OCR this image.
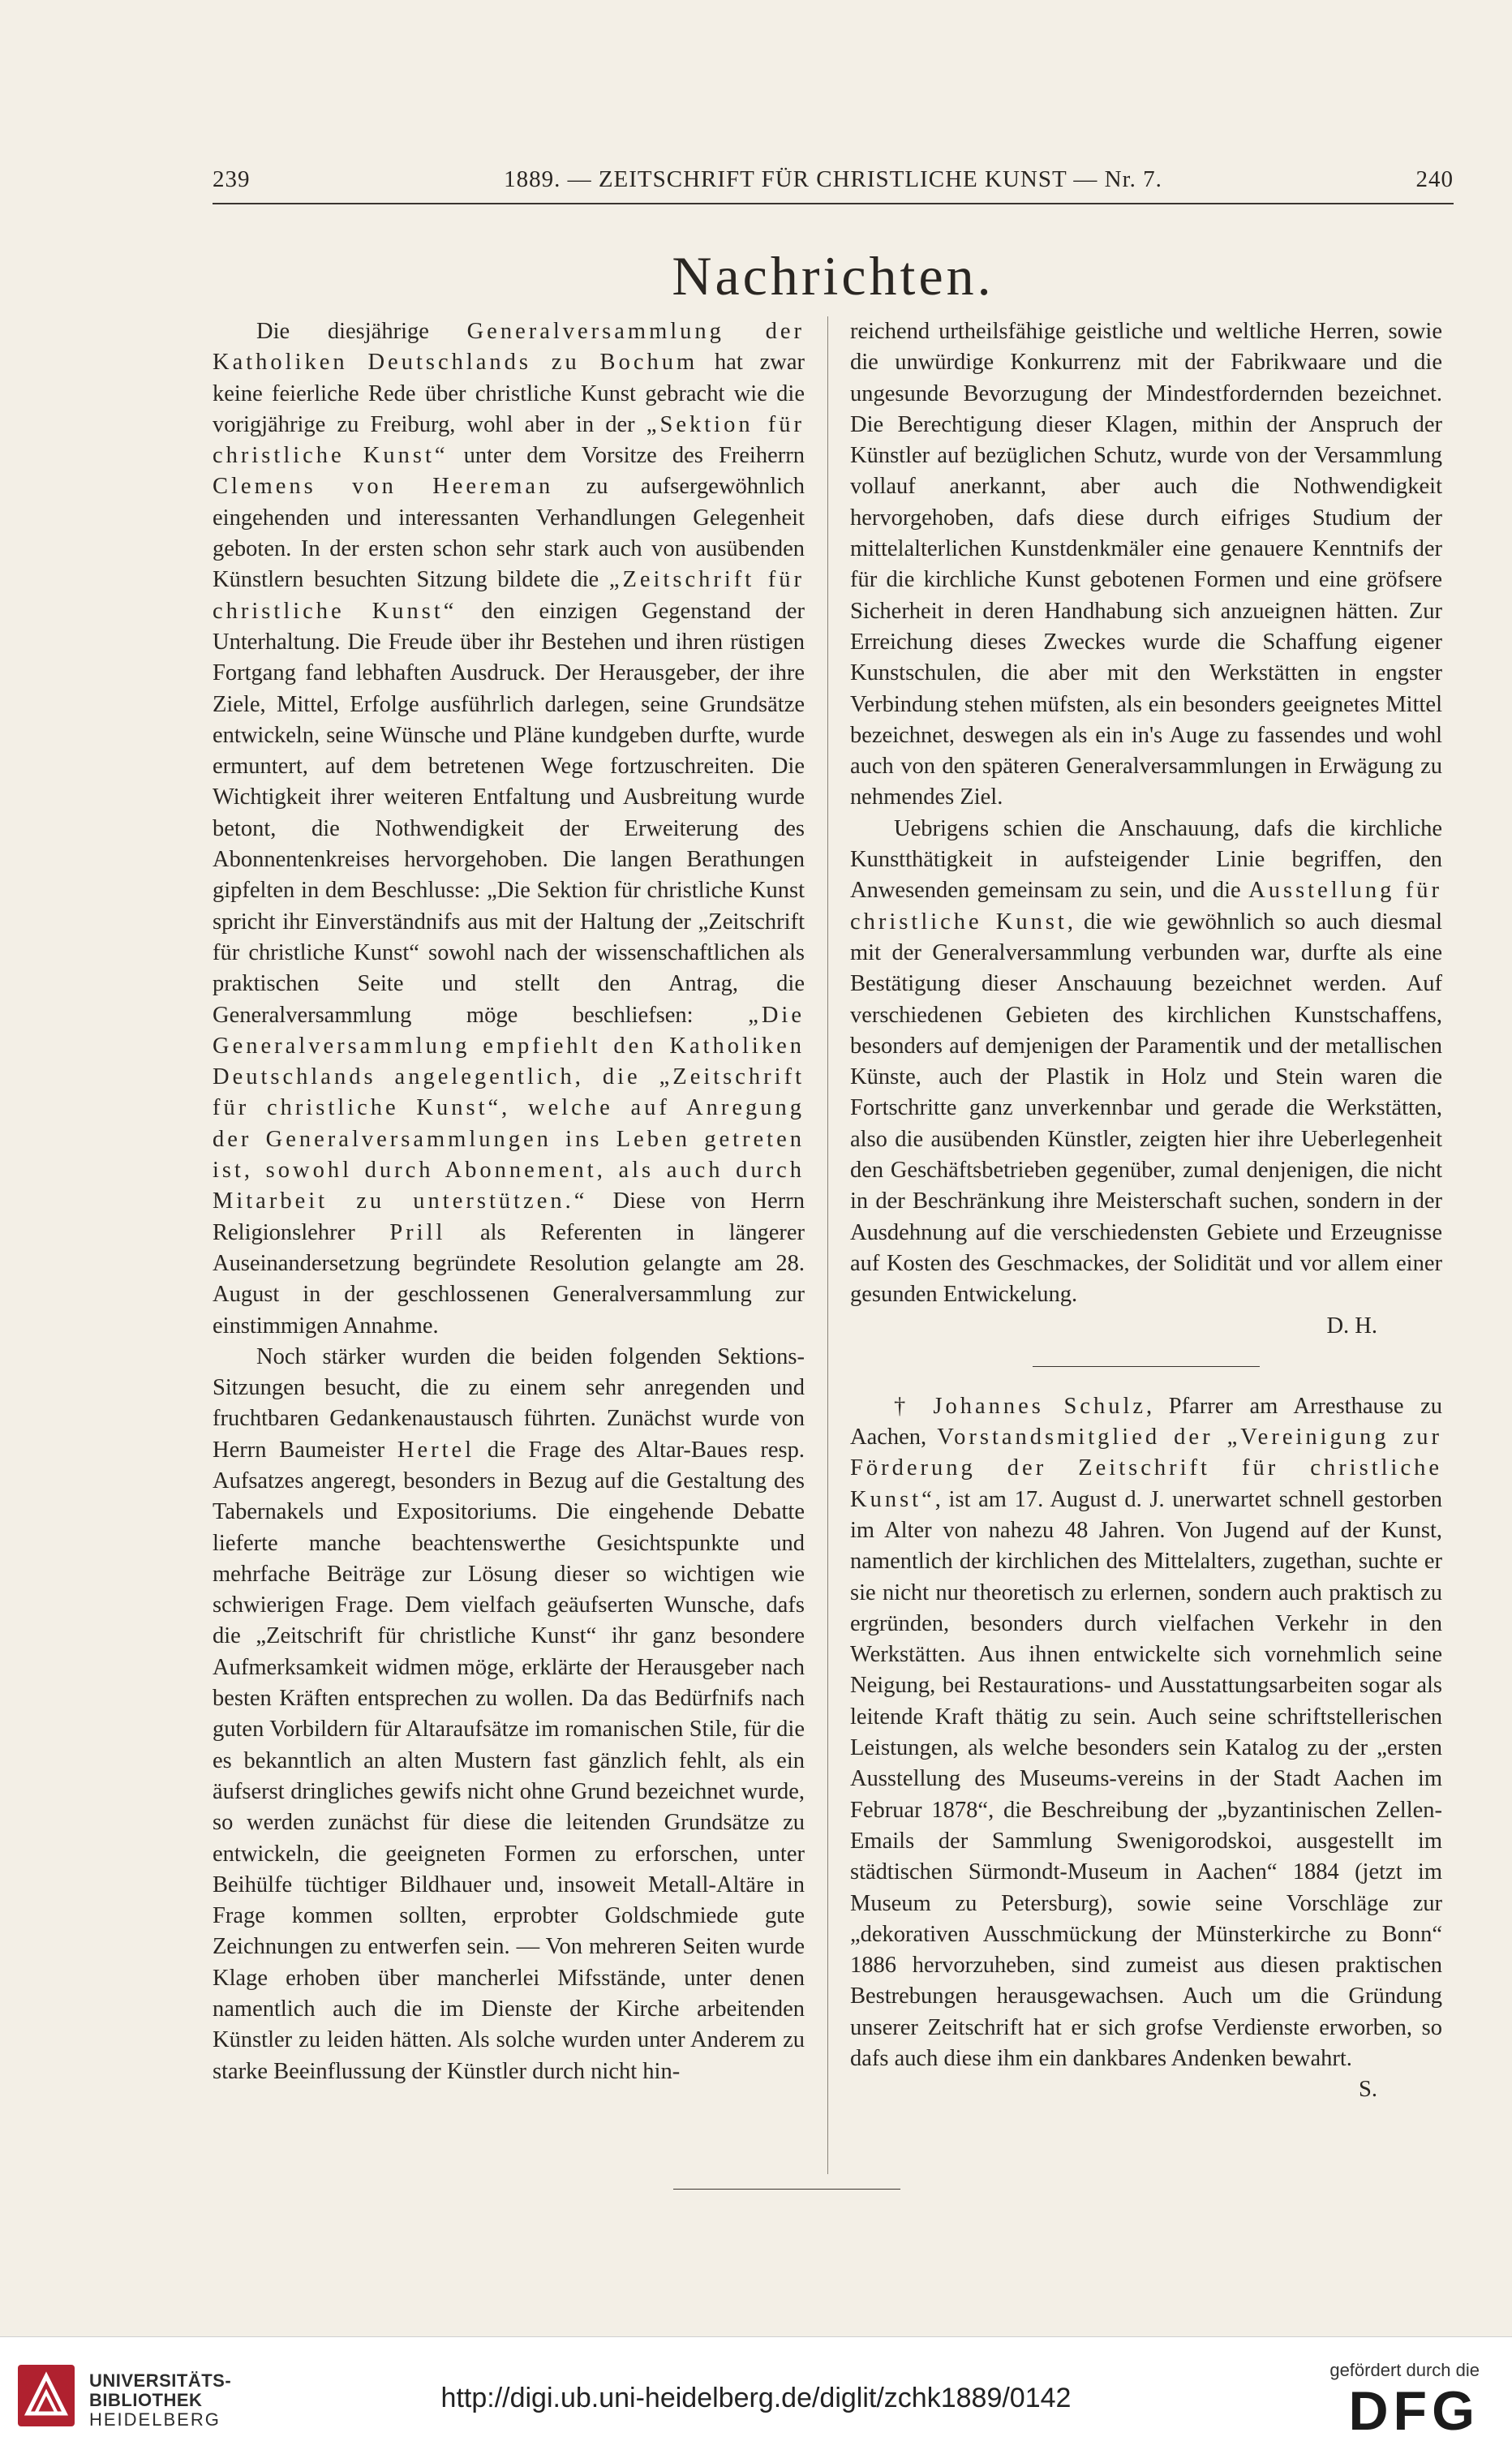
239	1889. — ZEITSCHRIFT FÜR CHRISTLICHE KUNST — Nr. 7.	240
Nachrichten.

Die diesjährige Generalversammlung der Katholiken Deutschlands zu Bochum hat zwar keine feierliche Rede über christliche Kunst gebracht wie die vorigjährige zu Freiburg, wohl aber in der „Sektion für christliche Kunst“ unter dem Vorsitze des Freiherrn Clemens von Heereman zu aufsergewöhnlich eingehenden und interessanten Verhandlungen Gelegenheit geboten. In der ersten schon sehr stark auch von ausübenden Künstlern besuchten Sitzung bildete die „Zeitschrift für christliche Kunst“ den einzigen Gegenstand der Unterhaltung. Die Freude über ihr Bestehen und ihren rüstigen Fortgang fand lebhaften Ausdruck. Der Herausgeber, der ihre Ziele, Mittel, Erfolge ausführlich darlegen, seine Grundsätze entwickeln, seine Wünsche und Pläne kundgeben durfte, wurde ermuntert, auf dem betretenen Wege fortzuschreiten. Die Wichtigkeit ihrer weiteren Entfaltung und Ausbreitung wurde betont, die Nothwendigkeit der Erweiterung des Abonnentenkreises hervorgehoben. Die langen Berathungen gipfelten in dem Beschlusse: „Die Sektion für christliche Kunst spricht ihr Einverständnifs aus mit der Haltung der „Zeitschrift für christliche Kunst“ sowohl nach der wissenschaftlichen als praktischen Seite und stellt den Antrag, die Generalversammlung möge beschliefsen: „Die Generalversammlung empfiehlt den Katholiken Deutschlands angelegentlich, die „Zeitschrift für christliche Kunst“, welche auf Anregung der Generalversammlungen ins Leben getreten ist, sowohl durch Abonnement, als auch durch Mitarbeit zu unterstützen.“ Diese von Herrn Religionslehrer Prill als Referenten in längerer Auseinandersetzung begründete Resolution gelangte am 28. August in der geschlossenen Generalversammlung zur einstimmigen Annahme.

Noch stärker wurden die beiden folgenden Sektions-Sitzungen besucht, die zu einem sehr anregenden und fruchtbaren Gedankenaustausch führten. Zunächst wurde von Herrn Baumeister Hertel die Frage des Altar-Baues resp. Aufsatzes angeregt, besonders in Bezug auf die Gestaltung des Tabernakels und Expositoriums. Die eingehende Debatte lieferte manche beachtenswerthe Gesichtspunkte und mehrfache Beiträge zur Lösung dieser so wichtigen wie schwierigen Frage. Dem vielfach geäufserten Wunsche, dafs die „Zeitschrift für christliche Kunst“ ihr ganz besondere Aufmerksamkeit widmen möge, erklärte der Herausgeber nach besten Kräften entsprechen zu wollen. Da das Bedürfnifs nach guten Vorbildern für Altaraufsätze im romanischen Stile, für die es bekanntlich an alten Mustern fast gänzlich fehlt, als ein äufserst dringliches gewifs nicht ohne Grund bezeichnet wurde, so werden zunächst für diese die leitenden Grundsätze zu entwickeln, die geeigneten Formen zu erforschen, unter Beihülfe tüchtiger Bildhauer und, insoweit Metall-Altäre in Frage kommen sollten, erprobter Goldschmiede gute Zeichnungen zu entwerfen sein. — Von mehreren Seiten wurde Klage erhoben über mancherlei Mifsstände, unter denen namentlich auch die im Dienste der Kirche arbeitenden Künstler zu leiden hätten. Als solche wurden unter Anderem zu starke Beeinflussung der Künstler durch nicht hin-

reichend urtheilsfähige geistliche und weltliche Herren, sowie die unwürdige Konkurrenz mit der Fabrikwaare und die ungesunde Bevorzugung der Mindestfordernden bezeichnet. Die Berechtigung dieser Klagen, mithin der Anspruch der Künstler auf bezüglichen Schutz, wurde von der Versammlung vollauf anerkannt, aber auch die Nothwendigkeit hervorgehoben, dafs diese durch eifriges Studium der mittelalterlichen Kunstdenkmäler eine genauere Kenntnifs der für die kirchliche Kunst gebotenen Formen und eine gröfsere Sicherheit in deren Handhabung sich anzueignen hätten. Zur Erreichung dieses Zweckes wurde die Schaffung eigener Kunstschulen, die aber mit den Werkstätten in engster Verbindung stehen müfsten, als ein besonders geeignetes Mittel bezeichnet, deswegen als ein in's Auge zu fassendes und wohl auch von den späteren Generalversammlungen in Erwägung zu nehmendes Ziel.

Uebrigens schien die Anschauung, dafs die kirchliche Kunstthätigkeit in aufsteigender Linie begriffen, den Anwesenden gemeinsam zu sein, und die Ausstellung für christliche Kunst, die wie gewöhnlich so auch diesmal mit der Generalversammlung verbunden war, durfte als eine Bestätigung dieser Anschauung bezeichnet werden. Auf verschiedenen Gebieten des kirchlichen Kunstschaffens, besonders auf demjenigen der Paramentik und der metallischen Künste, auch der Plastik in Holz und Stein waren die Fortschritte ganz unverkennbar und gerade die Werkstätten, also die ausübenden Künstler, zeigten hier ihre Ueberlegenheit den Geschäftsbetrieben gegenüber, zumal denjenigen, die nicht in der Beschränkung ihre Meisterschaft suchen, sondern in der Ausdehnung auf die verschiedensten Gebiete und Erzeugnisse auf Kosten des Geschmackes, der Solidität und vor allem einer gesunden Entwickelung.

D. H.

† Johannes Schulz, Pfarrer am Arresthause zu Aachen, Vorstandsmitglied der „Vereinigung zur Förderung der Zeitschrift für christliche Kunst“, ist am 17. August d. J. unerwartet schnell gestorben im Alter von nahezu 48 Jahren. Von Jugend auf der Kunst, namentlich der kirchlichen des Mittelalters, zugethan, suchte er sie nicht nur theoretisch zu erlernen, sondern auch praktisch zu ergründen, besonders durch vielfachen Verkehr in den Werkstätten. Aus ihnen entwickelte sich vornehmlich seine Neigung, bei Restaurations- und Ausstattungsarbeiten sogar als leitende Kraft thätig zu sein. Auch seine schriftstellerischen Leistungen, als welche besonders sein Katalog zu der „ersten Ausstellung des Museums-vereins in der Stadt Aachen im Februar 1878“, die Beschreibung der „byzantinischen Zellen-Emails der Sammlung Swenigorodskoi, ausgestellt im städtischen Sürmondt-Museum in Aachen“ 1884 (jetzt im Museum zu Petersburg), sowie seine Vorschläge zur „dekorativen Ausschmückung der Münsterkirche zu Bonn“ 1886 hervorzuheben, sind zumeist aus diesen praktischen Bestrebungen herausgewachsen. Auch um die Gründung unserer Zeitschrift hat er sich grofse Verdienste erworben, so dafs auch diese ihm ein dankbares Andenken bewahrt.

S.

UNIVERSITÄTS-
BIBLIOTHEK
HEIDELBERG
http://digi.ub.uni-heidelberg.de/diglit/zchk1889/0142
gefördert durch die
DFG
